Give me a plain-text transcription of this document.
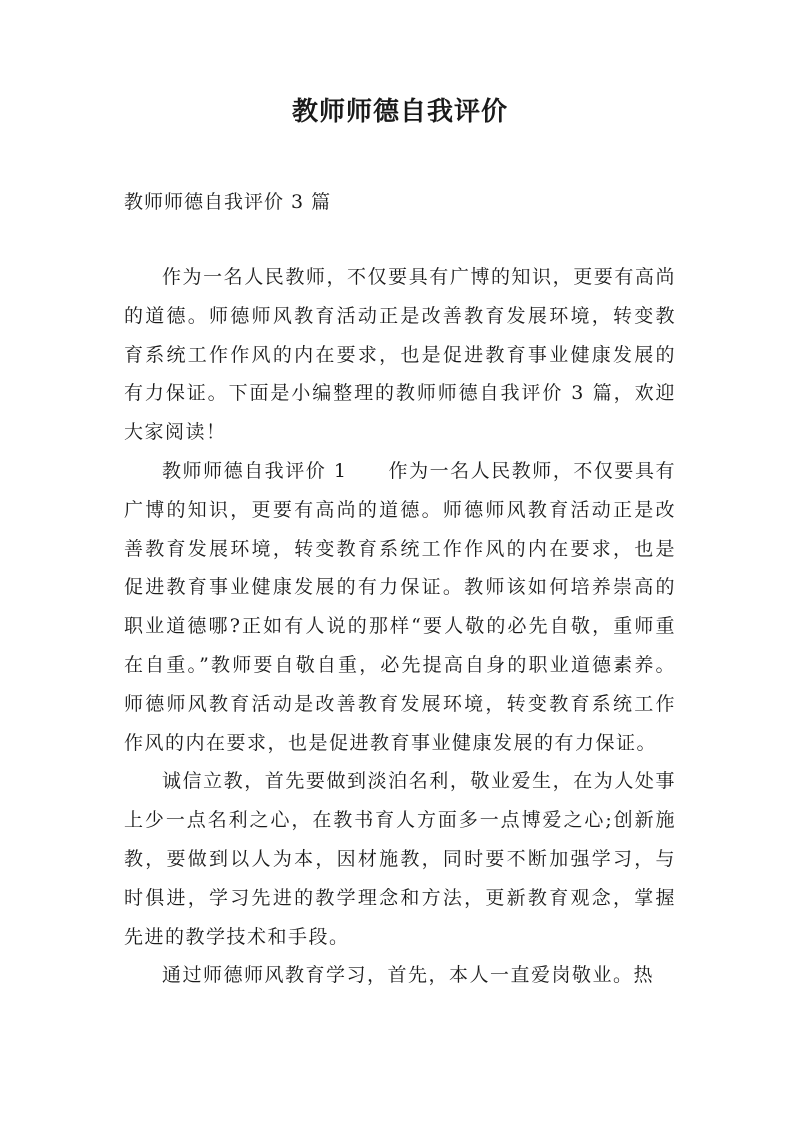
教师师德自我评价
教师师德自我评价 3 篇

作为一名人民教师，不仅要具有广博的知识，更要有高尚的道德。师德师风教育活动正是改善教育发展环境，转变教育系统工作作风的内在要求，也是促进教育事业健康发展的有力保证。下面是小编整理的教师师德自我评价 3 篇，欢迎大家阅读！

教师师德自我评价 1　　作为一名人民教师，不仅要具有广博的知识，更要有高尚的道德。师德师风教育活动正是改善教育发展环境，转变教育系统工作作风的内在要求，也是促进教育事业健康发展的有力保证。教师该如何培养崇高的职业道德哪?正如有人说的那样“要人敬的必先自敬，重师重在自重。”教师要自敬自重，必先提高自身的职业道德素养。师德师风教育活动是改善教育发展环境，转变教育系统工作作风的内在要求，也是促进教育事业健康发展的有力保证。

诚信立教，首先要做到淡泊名利，敬业爱生，在为人处事上少一点名利之心，在教书育人方面多一点博爱之心;创新施教，要做到以人为本，因材施教，同时要不断加强学习，与时俱进，学习先进的教学理念和方法，更新教育观念，掌握先进的教学技术和手段。

通过师德师风教育学习，首先，本人一直爱岗敬业。热
